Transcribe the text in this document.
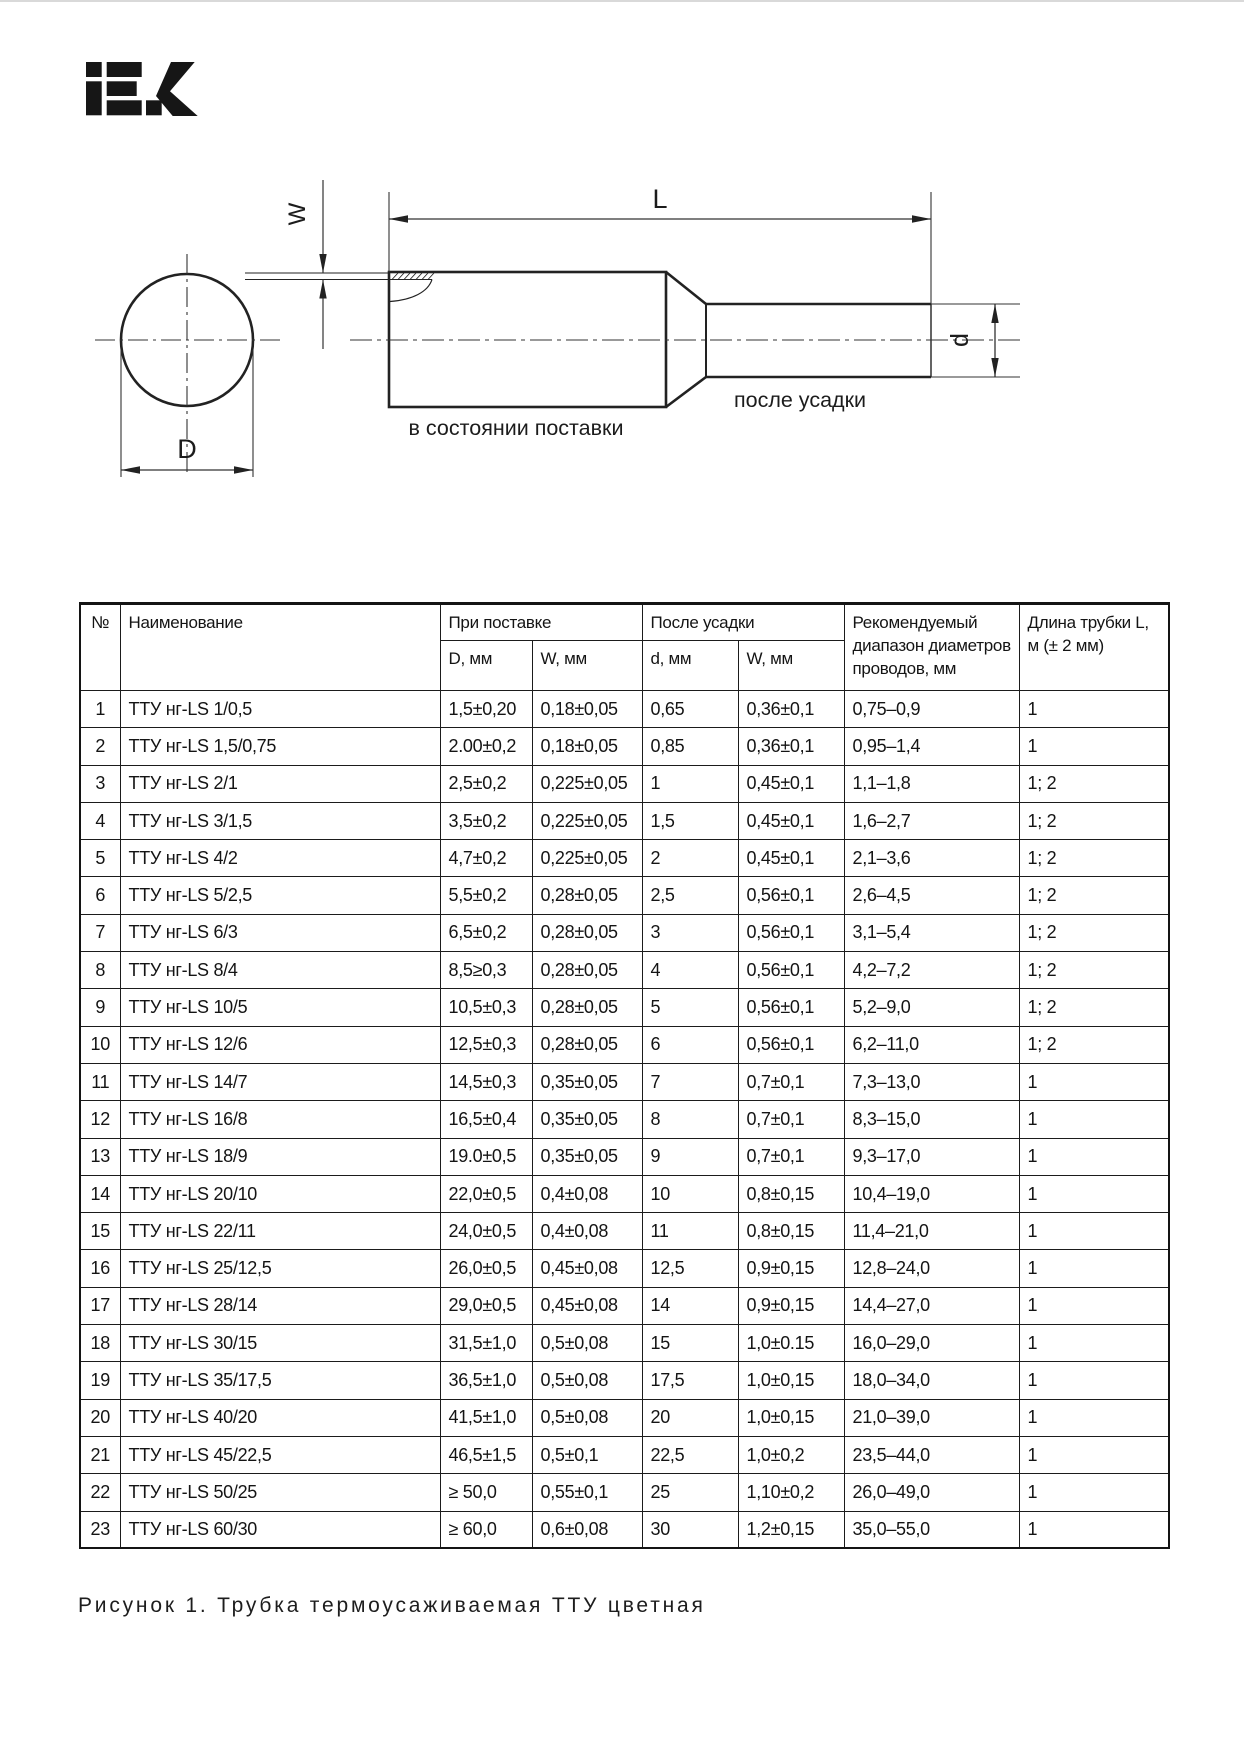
D
W	L
d
после усадки
в состоянии поставки
№	Наименование	При поставке		После усадки		Рекомендуемый диапазон диаметров проводов, мм	Длина трубки L, м (± 2 мм)
		D, мм	W, мм	d, мм	W, мм		
1	ТТУ нг-LS 1/0,5	1,5±0,20	0,18±0,05	0,65	0,36±0,1	0,75–0,9	1
2	ТТУ нг-LS 1,5/0,75	2.00±0,2	0,18±0,05	0,85	0,36±0,1	0,95–1,4	1
3	ТТУ нг-LS 2/1	2,5±0,2	0,225±0,05	1	0,45±0,1	1,1–1,8	1; 2
4	ТТУ нг-LS 3/1,5	3,5±0,2	0,225±0,05	1,5	0,45±0,1	1,6–2,7	1; 2
5	ТТУ нг-LS 4/2	4,7±0,2	0,225±0,05	2	0,45±0,1	2,1–3,6	1; 2
6	ТТУ нг-LS 5/2,5	5,5±0,2	0,28±0,05	2,5	0,56±0,1	2,6–4,5	1; 2
7	ТТУ нг-LS 6/3	6,5±0,2	0,28±0,05	3	0,56±0,1	3,1–5,4	1; 2
8	ТТУ нг-LS 8/4	8,5≥0,3	0,28±0,05	4	0,56±0,1	4,2–7,2	1; 2
9	ТТУ нг-LS 10/5	10,5±0,3	0,28±0,05	5	0,56±0,1	5,2–9,0	1; 2
10	ТТУ нг-LS 12/6	12,5±0,3	0,28±0,05	6	0,56±0,1	6,2–11,0	1; 2
11	ТТУ нг-LS 14/7	14,5±0,3	0,35±0,05	7	0,7±0,1	7,3–13,0	1
12	ТТУ нг-LS 16/8	16,5±0,4	0,35±0,05	8	0,7±0,1	8,3–15,0	1
13	ТТУ нг-LS 18/9	19.0±0,5	0,35±0,05	9	0,7±0,1	9,3–17,0	1
14	ТТУ нг-LS 20/10	22,0±0,5	0,4±0,08	10	0,8±0,15	10,4–19,0	1
15	ТТУ нг-LS 22/11	24,0±0,5	0,4±0,08	11	0,8±0,15	11,4–21,0	1
16	ТТУ нг-LS 25/12,5	26,0±0,5	0,45±0,08	12,5	0,9±0,15	12,8–24,0	1
17	ТТУ нг-LS 28/14	29,0±0,5	0,45±0,08	14	0,9±0,15	14,4–27,0	1
18	ТТУ нг-LS 30/15	31,5±1,0	0,5±0,08	15	1,0±0.15	16,0–29,0	1
19	ТТУ нг-LS 35/17,5	36,5±1,0	0,5±0,08	17,5	1,0±0,15	18,0–34,0	1
20	ТТУ нг-LS 40/20	41,5±1,0	0,5±0,08	20	1,0±0,15	21,0–39,0	1
21	ТТУ нг-LS 45/22,5	46,5±1,5	0,5±0,1	22,5	1,0±0,2	23,5–44,0	1
22	ТТУ нг-LS 50/25	≥ 50,0	0,55±0,1	25	1,10±0,2	26,0–49,0	1
23	ТТУ нг-LS 60/30	≥ 60,0	0,6±0,08	30	1,2±0,15	35,0–55,0	1
Рисунок 1. Трубка термоусаживаемая ТТУ цветная
